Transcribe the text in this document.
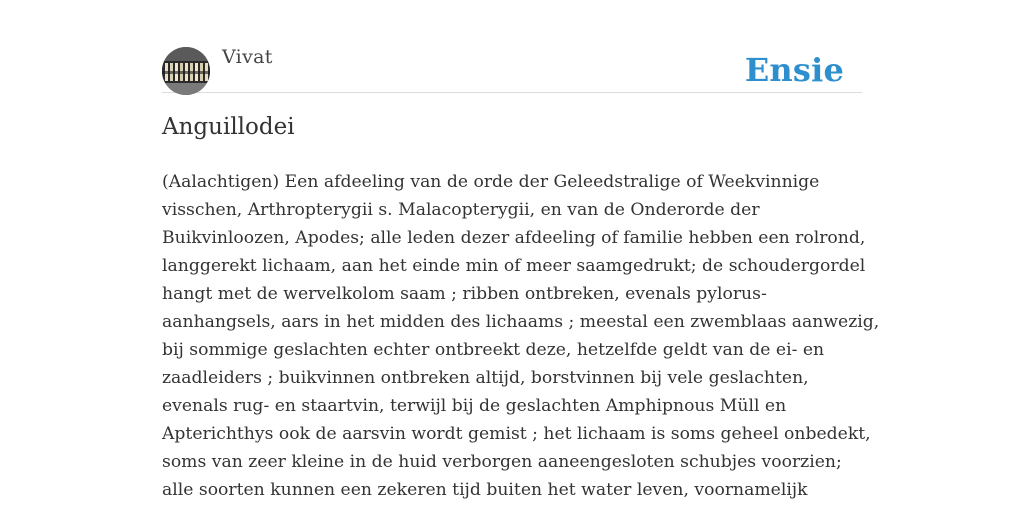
Vivat	Ensie
Anguillodei

(Aalachtigen) Een afdeeling van de orde der Geleedstralige of Weekvinnige
visschen, Arthropterygii s. Malacopterygii, en van de Onderorde der
Buikvinloozen, Apodes; alle leden dezer afdeeling of familie hebben een rolrond,
langgerekt lichaam, aan het einde min of meer saamgedrukt; de schoudergordel
hangt met de wervelkolom saam ; ribben ontbreken, evenals pylorus-
aanhangsels, aars in het midden des lichaams ; meestal een zwemblaas aanwezig,
bij sommige geslachten echter ontbreekt deze, hetzelfde geldt van de ei- en
zaadleiders ; buikvinnen ontbreken altijd, borstvinnen bij vele geslachten,
evenals rug- en staartvin, terwijl bij de geslachten Amphipnous Müll en
Apterichthys ook de aarsvin wordt gemist ; het lichaam is soms geheel onbedekt,
soms van zeer kleine in de huid verborgen aaneengesloten schubjes voorzien;
alle soorten kunnen een zekeren tijd buiten het water leven, voornamelijk
